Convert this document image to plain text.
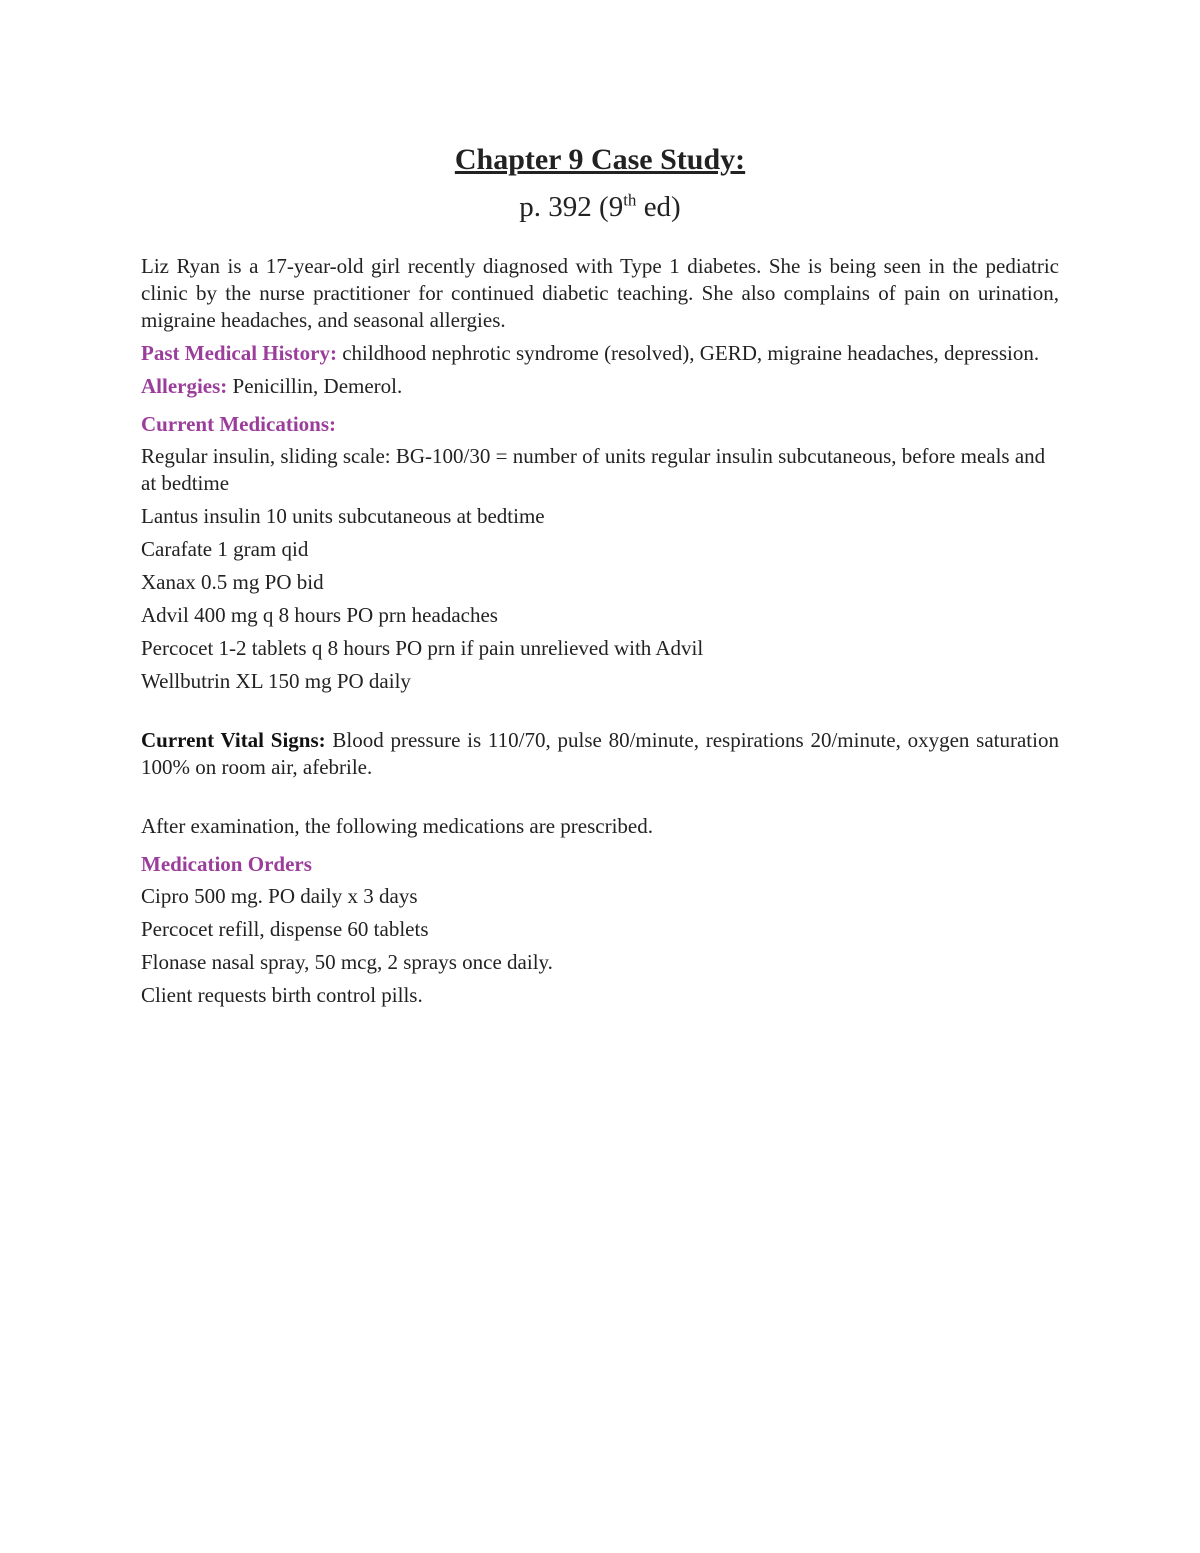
Chapter 9 Case Study:

p. 392 (9th ed)

Liz Ryan is a 17-year-old girl recently diagnosed with Type 1 diabetes. She is being seen in the pediatric clinic by the nurse practitioner for continued diabetic teaching. She also complains of pain on urination, migraine headaches, and seasonal allergies.

Past Medical History: childhood nephrotic syndrome (resolved), GERD, migraine headaches, depression.

Allergies: Penicillin, Demerol.

Current Medications:
Regular insulin, sliding scale: BG-100/30 = number of units regular insulin subcutaneous, before meals and at bedtime
Lantus insulin 10 units subcutaneous at bedtime
Carafate 1 gram qid
Xanax 0.5 mg PO bid
Advil 400 mg q 8 hours PO prn headaches
Percocet 1-2 tablets q 8 hours PO prn if pain unrelieved with Advil
Wellbutrin XL 150 mg PO daily

Current Vital Signs: Blood pressure is 110/70, pulse 80/minute, respirations 20/minute, oxygen saturation 100% on room air, afebrile.

After examination, the following medications are prescribed.

Medication Orders
Cipro 500 mg. PO daily x 3 days
Percocet refill, dispense 60 tablets
Flonase nasal spray, 50 mcg, 2 sprays once daily.
Client requests birth control pills.
